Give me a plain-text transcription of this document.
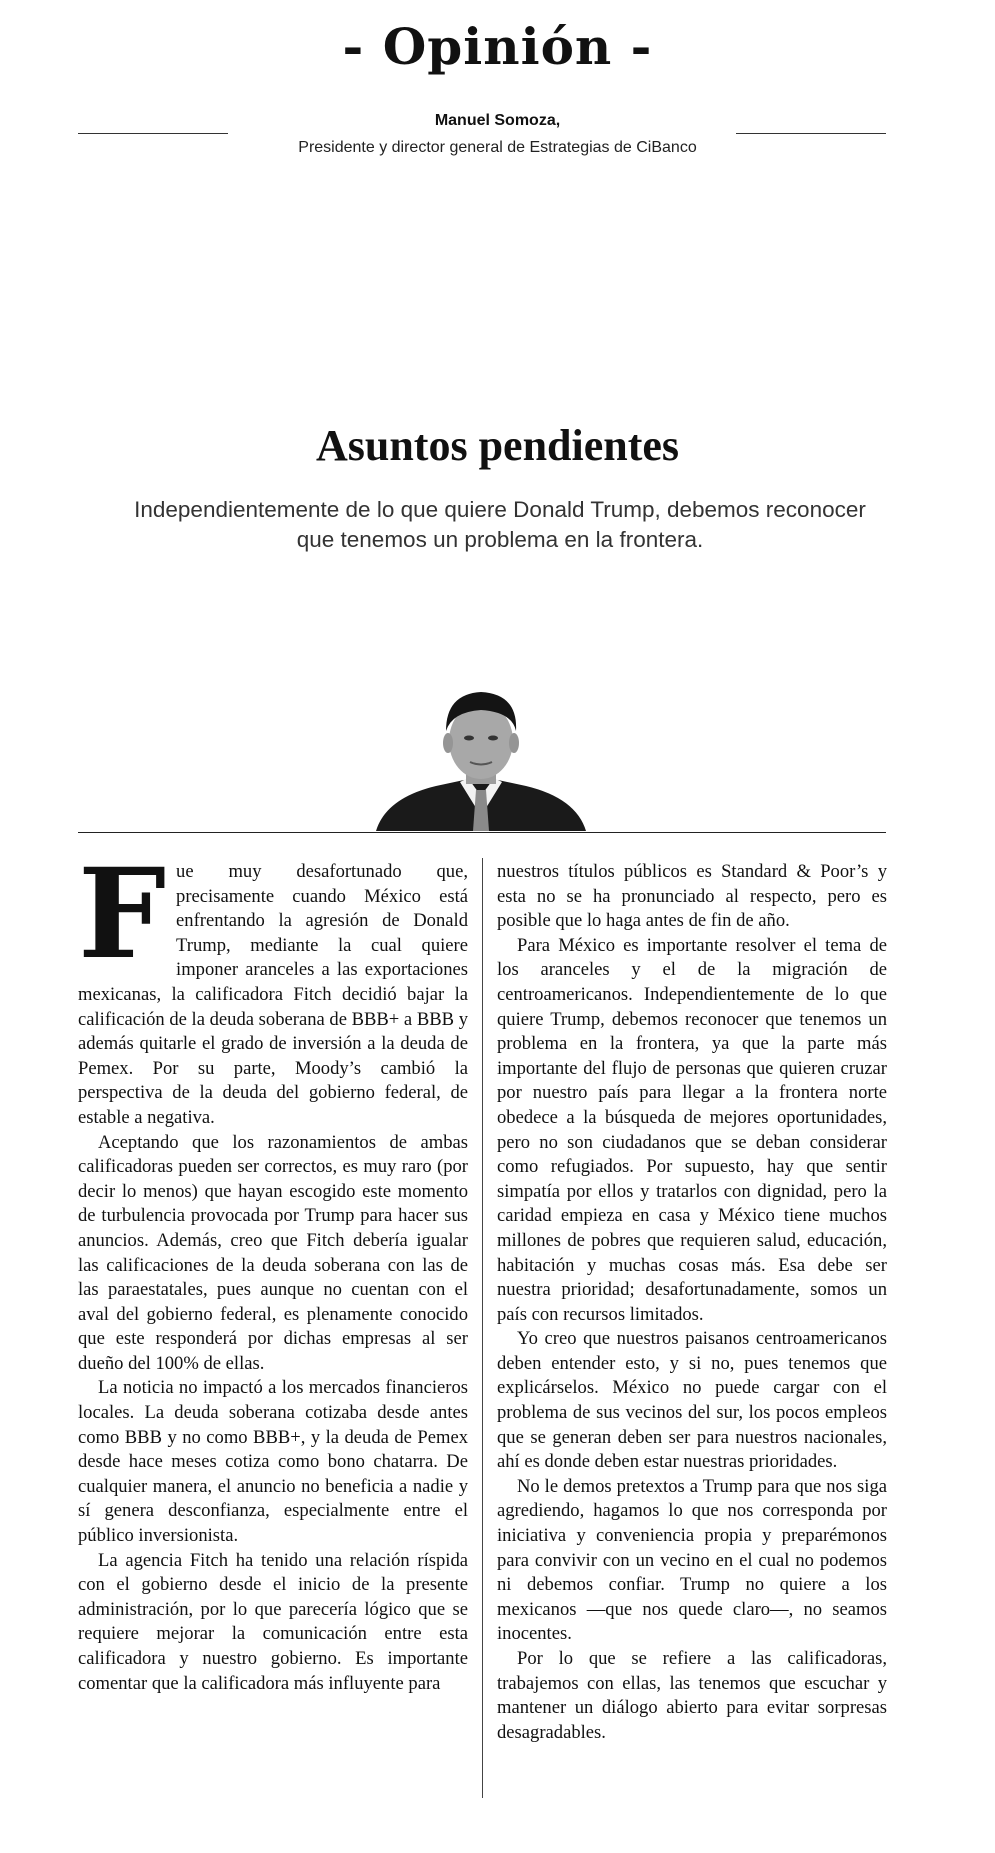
- Opinión -
Manuel Somoza,
Presidente y director general de Estrategias de CiBanco
Asuntos pendientes
Independientemente de lo que quiere Donald Trump, debemos reconocer que tenemos un problema en la frontera.

Fue muy desafortunado que, precisamente cuando México está enfrentando la agresión de Donald Trump, mediante la cual quiere imponer aranceles a las exportaciones mexicanas, la calificadora Fitch decidió bajar la calificación de la deuda soberana de BBB+ a BBB y además quitarle el grado de inversión a la deuda de Pemex. Por su parte, Moody’s cambió la perspectiva de la deuda del gobierno federal, de estable a negativa.

Aceptando que los razonamientos de ambas calificadoras pueden ser correctos, es muy raro (por decir lo menos) que hayan escogido este momento de turbulencia provocada por Trump para hacer sus anuncios. Además, creo que Fitch debería igualar las calificaciones de la deuda soberana con las de las paraestatales, pues aunque no cuentan con el aval del gobierno federal, es plenamente conocido que este responderá por dichas empresas al ser dueño del 100% de ellas.

La noticia no impactó a los mercados financieros locales. La deuda soberana cotizaba desde antes como BBB y no como BBB+, y la deuda de Pemex desde hace meses cotiza como bono chatarra. De cualquier manera, el anuncio no beneficia a nadie y sí genera desconfianza, especialmente entre el público inversionista.

La agencia Fitch ha tenido una relación ríspida con el gobierno desde el inicio de la presente administración, por lo que parecería lógico que se requiere mejorar la comunicación entre esta calificadora y nuestro gobierno. Es importante comentar que la calificadora más influyente para

nuestros títulos públicos es Standard & Poor’s y esta no se ha pronunciado al respecto, pero es posible que lo haga antes de fin de año.

Para México es importante resolver el tema de los aranceles y el de la migración de centroamericanos. Independientemente de lo que quiere Trump, debemos reconocer que tenemos un problema en la frontera, ya que la parte más importante del flujo de personas que quieren cruzar por nuestro país para llegar a la frontera norte obedece a la búsqueda de mejores oportunidades, pero no son ciudadanos que se deban considerar como refugiados. Por supuesto, hay que sentir simpatía por ellos y tratarlos con dignidad, pero la caridad empieza en casa y México tiene muchos millones de pobres que requieren salud, educación, habitación y muchas cosas más. Esa debe ser nuestra prioridad; desafortunadamente, somos un país con recursos limitados.

Yo creo que nuestros paisanos centroamericanos deben entender esto, y si no, pues tenemos que explicárselos. México no puede cargar con el problema de sus vecinos del sur, los pocos empleos que se generan deben ser para nuestros nacionales, ahí es donde deben estar nuestras prioridades.

No le demos pretextos a Trump para que nos siga agrediendo, hagamos lo que nos corresponda por iniciativa y conveniencia propia y preparémonos para convivir con un vecino en el cual no podemos ni debemos confiar. Trump no quiere a los mexicanos —que nos quede claro—, no seamos inocentes.

Por lo que se refiere a las calificadoras, trabajemos con ellas, las tenemos que escuchar y mantener un diálogo abierto para evitar sorpresas desagradables.
